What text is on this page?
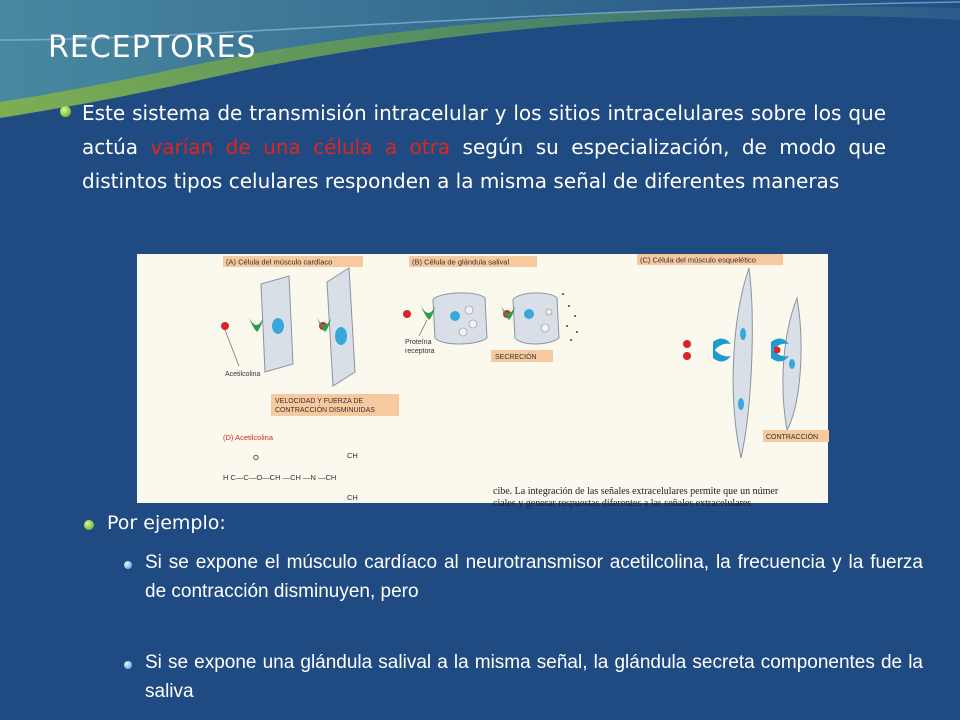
RECEPTORES
Este sistema de transmisión intracelular y los sitios intracelulares sobre los que actúa varían de una célula a otra según su especialización, de modo que distintos tipos celulares responden a la misma señal de diferentes maneras
(A) Célula del músculo cardíaco	(B) Célula de glándula salival	(C) Célula del músculo esquelético
Acetilcolina
VELOCIDAD Y FUERZA DE
CONTRACCIÓN DISMINUIDAS
Proteína
receptora
SECRECIÓN
CONTRACCIÓN
(D) Acetilcolina
CH
O
H C—C—O—CH —CH —N —CH
CH
cibe. La integración de las señales extracelulares permite que un númer
ciales y generar respuestas diferentes a las señales extracelulares
Por ejemplo:
Si se expone el músculo cardíaco al neurotransmisor acetilcolina, la frecuencia y la fuerza de contracción disminuyen, pero
Si se expone una glándula salival a la misma señal, la glándula secreta componentes de la saliva
